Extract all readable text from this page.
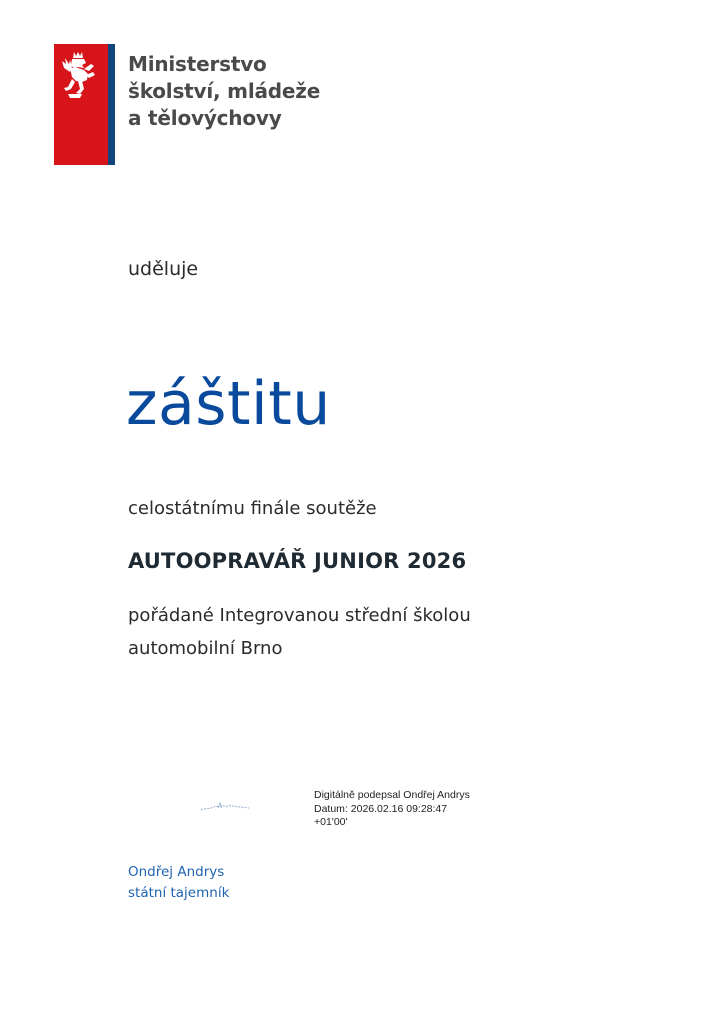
Ministerstvo
školství, mládeže
a tělovýchovy
uděluje
záštitu
celostátnímu finále soutěže
AUTOOPRAVÁŘ JUNIOR 2026
pořádané Integrovanou střední školou
automobilní Brno
Digitálně podepsal Ondřej Andrys
Datum: 2026.02.16 09:28:47
+01'00'
Ondřej Andrys
státní tajemník
